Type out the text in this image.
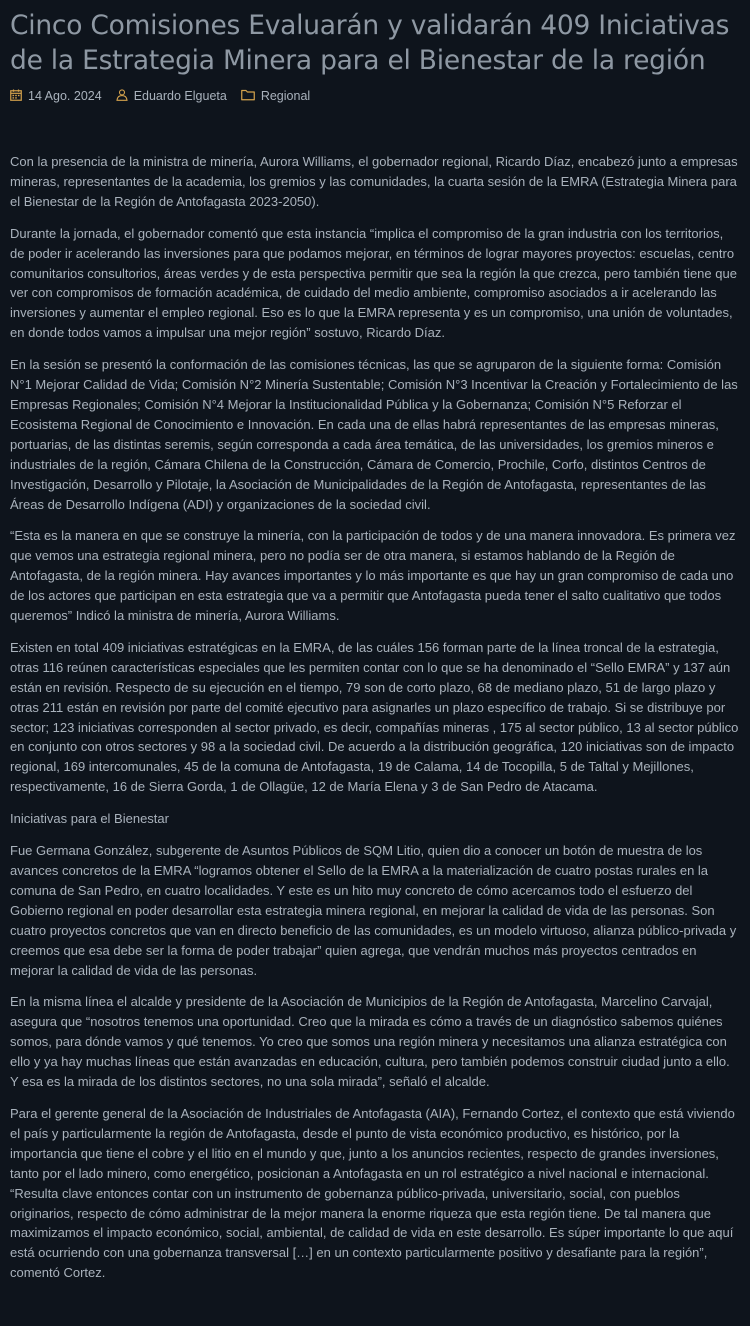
Cinco Comisiones Evaluarán y validarán 409 Iniciativas de la Estrategia Minera para el Bienestar de la región
14 Ago. 2024	Eduardo Elgueta	Regional

Con la presencia de la ministra de minería, Aurora Williams, el gobernador regional, Ricardo Díaz, encabezó junto a empresas mineras, representantes de la academia, los gremios y las comunidades, la cuarta sesión de la EMRA (Estrategia Minera para el Bienestar de la Región de Antofagasta 2023-2050).

Durante la jornada, el gobernador comentó que esta instancia “implica el compromiso de la gran industria con los territorios, de poder ir acelerando las inversiones para que podamos mejorar, en términos de lograr mayores proyectos: escuelas, centro comunitarios consultorios, áreas verdes y de esta perspectiva permitir que sea la región la que crezca, pero también tiene que ver con compromisos de formación académica, de cuidado del medio ambiente, compromiso asociados a ir acelerando las inversiones y aumentar el empleo regional. Eso es lo que la EMRA representa y es un compromiso, una unión de voluntades, en donde todos vamos a impulsar una mejor región” sostuvo, Ricardo Díaz.

En la sesión se presentó la conformación de las comisiones técnicas, las que se agruparon de la siguiente forma: Comisión N°1 Mejorar Calidad de Vida; Comisión N°2 Minería Sustentable; Comisión N°3 Incentivar la Creación y Fortalecimiento de las Empresas Regionales; Comisión N°4 Mejorar la Institucionalidad Pública y la Gobernanza; Comisión N°5 Reforzar el Ecosistema Regional de Conocimiento e Innovación. En cada una de ellas habrá representantes de las empresas mineras, portuarias, de las distintas seremis, según corresponda a cada área temática, de las universidades, los gremios mineros e industriales de la región, Cámara Chilena de la Construcción, Cámara de Comercio, Prochile, Corfo, distintos Centros de Investigación, Desarrollo y Pilotaje, la Asociación de Municipalidades de la Región de Antofagasta, representantes de las Áreas de Desarrollo Indígena (ADI) y organizaciones de la sociedad civil.

“Esta es la manera en que se construye la minería, con la participación de todos y de una manera innovadora. Es primera vez que vemos una estrategia regional minera, pero no podía ser de otra manera, si estamos hablando de la Región de Antofagasta, de la región minera. Hay avances importantes y lo más importante es que hay un gran compromiso de cada uno de los actores que participan en esta estrategia que va a permitir que Antofagasta pueda tener el salto cualitativo que todos queremos” Indicó la ministra de minería, Aurora Williams.

Existen en total 409 iniciativas estratégicas en la EMRA, de las cuáles 156 forman parte de la línea troncal de la estrategia, otras 116 reúnen características especiales que les permiten contar con lo que se ha denominado el “Sello EMRA” y 137 aún están en revisión. Respecto de su ejecución en el tiempo, 79 son de corto plazo, 68 de mediano plazo, 51 de largo plazo y otras 211 están en revisión por parte del comité ejecutivo para asignarles un plazo específico de trabajo. Si se distribuye por sector; 123 iniciativas corresponden al sector privado, es decir, compañías mineras , 175 al sector público, 13 al sector público en conjunto con otros sectores y 98 a la sociedad civil. De acuerdo a la distribución geográfica, 120 iniciativas son de impacto regional, 169 intercomunales, 45 de la comuna de Antofagasta, 19 de Calama, 14 de Tocopilla, 5 de Taltal y Mejillones, respectivamente, 16 de Sierra Gorda, 1 de Ollagüe, 12 de María Elena y 3 de San Pedro de Atacama.

Iniciativas para el Bienestar

Fue Germana González, subgerente de Asuntos Públicos de SQM Litio, quien dio a conocer un botón de muestra de los avances concretos de la EMRA “logramos obtener el Sello de la EMRA a la materialización de cuatro postas rurales en la comuna de San Pedro, en cuatro localidades. Y este es un hito muy concreto de cómo acercamos todo el esfuerzo del Gobierno regional en poder desarrollar esta estrategia minera regional, en mejorar la calidad de vida de las personas. Son cuatro proyectos concretos que van en directo beneficio de las comunidades, es un modelo virtuoso, alianza público-privada y creemos que esa debe ser la forma de poder trabajar” quien agrega, que vendrán muchos más proyectos centrados en mejorar la calidad de vida de las personas.

En la misma línea el alcalde y presidente de la Asociación de Municipios de la Región de Antofagasta, Marcelino Carvajal, asegura que “nosotros tenemos una oportunidad. Creo que la mirada es cómo a través de un diagnóstico sabemos quiénes somos, para dónde vamos y qué tenemos. Yo creo que somos una región minera y necesitamos una alianza estratégica con ello y ya hay muchas líneas que están avanzadas en educación, cultura, pero también podemos construir ciudad junto a ello. Y esa es la mirada de los distintos sectores, no una sola mirada”, señaló el alcalde.

Para el gerente general de la Asociación de Industriales de Antofagasta (AIA), Fernando Cortez, el contexto que está viviendo el país y particularmente la región de Antofagasta, desde el punto de vista económico productivo, es histórico, por la importancia que tiene el cobre y el litio en el mundo y que, junto a los anuncios recientes, respecto de grandes inversiones, tanto por el lado minero, como energético, posicionan a Antofagasta en un rol estratégico a nivel nacional e internacional. “Resulta clave entonces contar con un instrumento de gobernanza público-privada, universitario, social, con pueblos originarios, respecto de cómo administrar de la mejor manera la enorme riqueza que esta región tiene. De tal manera que maximizamos el impacto económico, social, ambiental, de calidad de vida en este desarrollo. Es súper importante lo que aquí está ocurriendo con una gobernanza transversal […] en un contexto particularmente positivo y desafiante para la región”, comentó Cortez.
